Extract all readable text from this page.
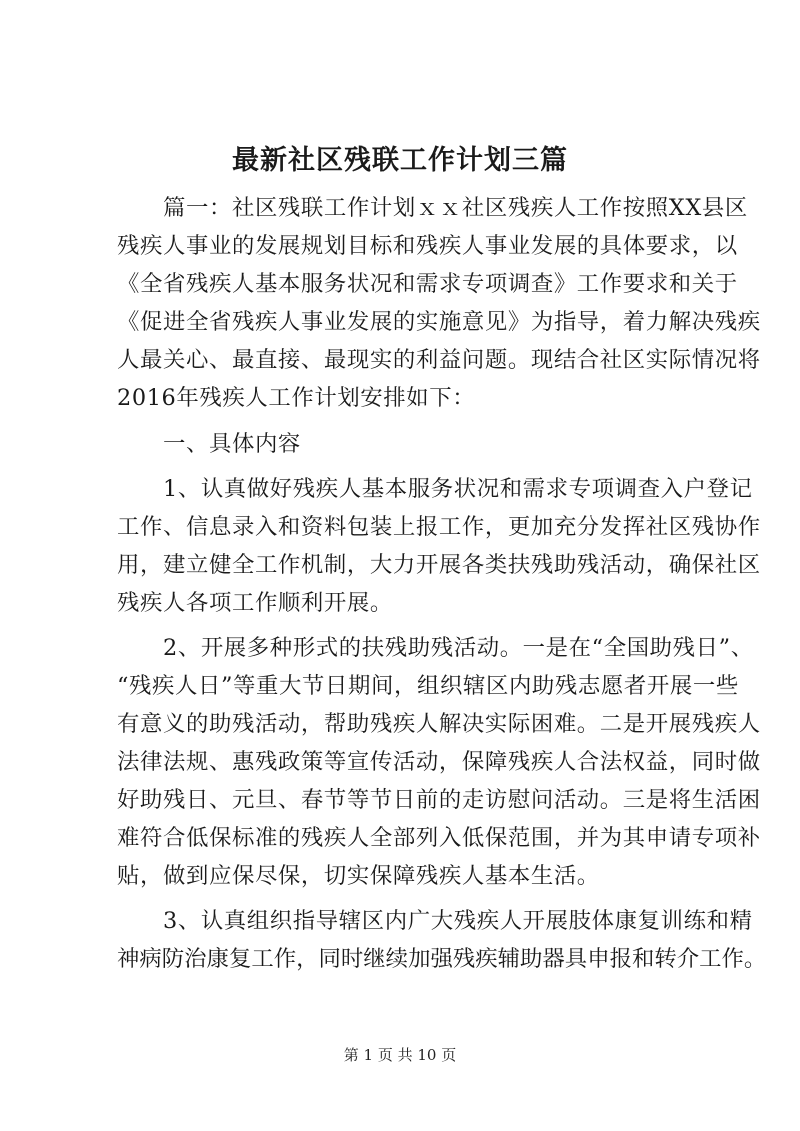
最新社区残联工作计划三篇
　　篇一：社区残联工作计划ｘｘ社区残疾人工作按照XX县区
残疾人事业的发展规划目标和残疾人事业发展的具体要求，以
《全省残疾人基本服务状况和需求专项调查》工作要求和关于
《促进全省残疾人事业发展的实施意见》为指导，着力解决残疾
人最关心、最直接、最现实的利益问题。现结合社区实际情况将
2016年残疾人工作计划安排如下：
　　一、具体内容
　　1、认真做好残疾人基本服务状况和需求专项调查入户登记
工作、信息录入和资料包装上报工作，更加充分发挥社区残协作
用，建立健全工作机制，大力开展各类扶残助残活动，确保社区
残疾人各项工作顺利开展。
　　2、开展多种形式的扶残助残活动。一是在“全国助残日”、
“残疾人日”等重大节日期间，组织辖区内助残志愿者开展一些
有意义的助残活动，帮助残疾人解决实际困难。二是开展残疾人
法律法规、惠残政策等宣传活动，保障残疾人合法权益，同时做
好助残日、元旦、春节等节日前的走访慰问活动。三是将生活困
难符合低保标准的残疾人全部列入低保范围，并为其申请专项补
贴，做到应保尽保，切实保障残疾人基本生活。
　　3、认真组织指导辖区内广大残疾人开展肢体康复训练和精
神病防治康复工作，同时继续加强残疾辅助器具申报和转介工作。
第 1 页 共 10 页
